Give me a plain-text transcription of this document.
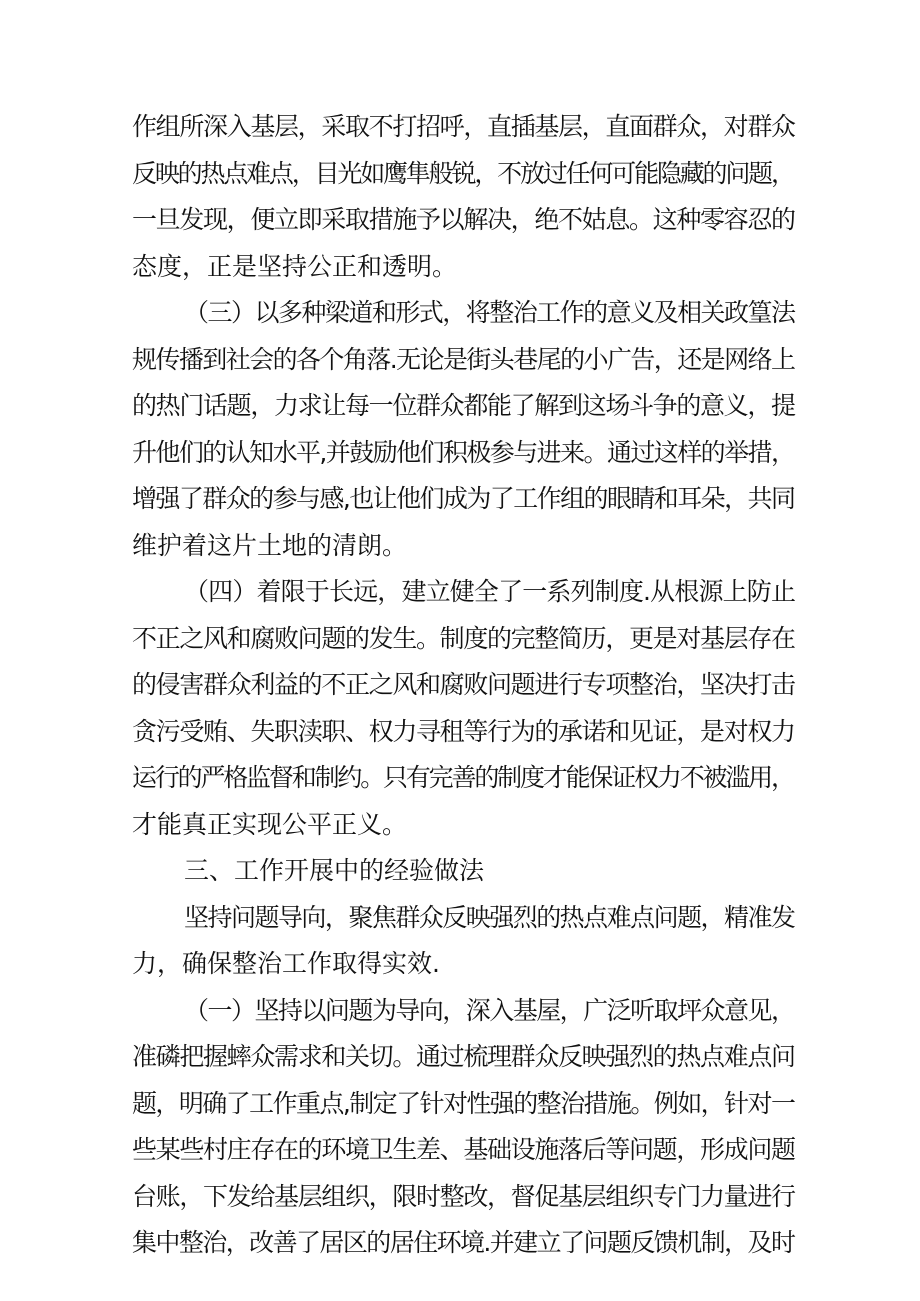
作组所深入基层，采取不打招呼，直插基层，直面群众，对群众
反映的热点难点，目光如鹰隼般锐，不放过任何可能隐藏的问题，
一旦发现，便立即采取措施予以解决，绝不姑息。这种零容忍的
态度，正是坚持公正和透明。
（三）以多种梁道和形式，将整治工作的意义及相关政篁法
规传播到社会的各个角落.无论是街头巷尾的小广告，还是网络上
的热门话题，力求让每一位群众都能了解到这场斗争的意义，提
升他们的认知水平,并鼓励他们积极参与进来。通过这样的举措，
增强了群众的参与感,也让他们成为了工作组的眼睛和耳朵，共同
维护着这片土地的清朗。
（四）着限于长远，建立健全了一系列制度.从根源上防止
不正之风和腐败问题的发生。制度的完整简历，更是对基层存在
的侵害群众利益的不正之风和腐败问题进行专项整治，坚决打击
贪污受贿、失职渎职、权力寻租等行为的承诺和见证，是对权力
运行的严格监督和制约。只有完善的制度才能保证权力不被滥用，
才能真正实现公平正义。
三、工作开展中的经验做法
坚持问题导向，聚焦群众反映强烈的热点难点问题，精准发
力，确保整治工作取得实效.
（一）坚持以问题为导向，深入基屋，广泛听取坪众意见，
准磷把握蟀众需求和关切。通过梳理群众反映强烈的热点难点问
题，明确了工作重点,制定了针对性强的整治措施。例如，针对一
些某些村庄存在的环境卫生差、基础设施落后等问题，形成问题
台账，下发给基层组织，限时整改，督促基层组织专门力量进行
集中整治，改善了居区的居住环境.并建立了问题反馈机制，及时
